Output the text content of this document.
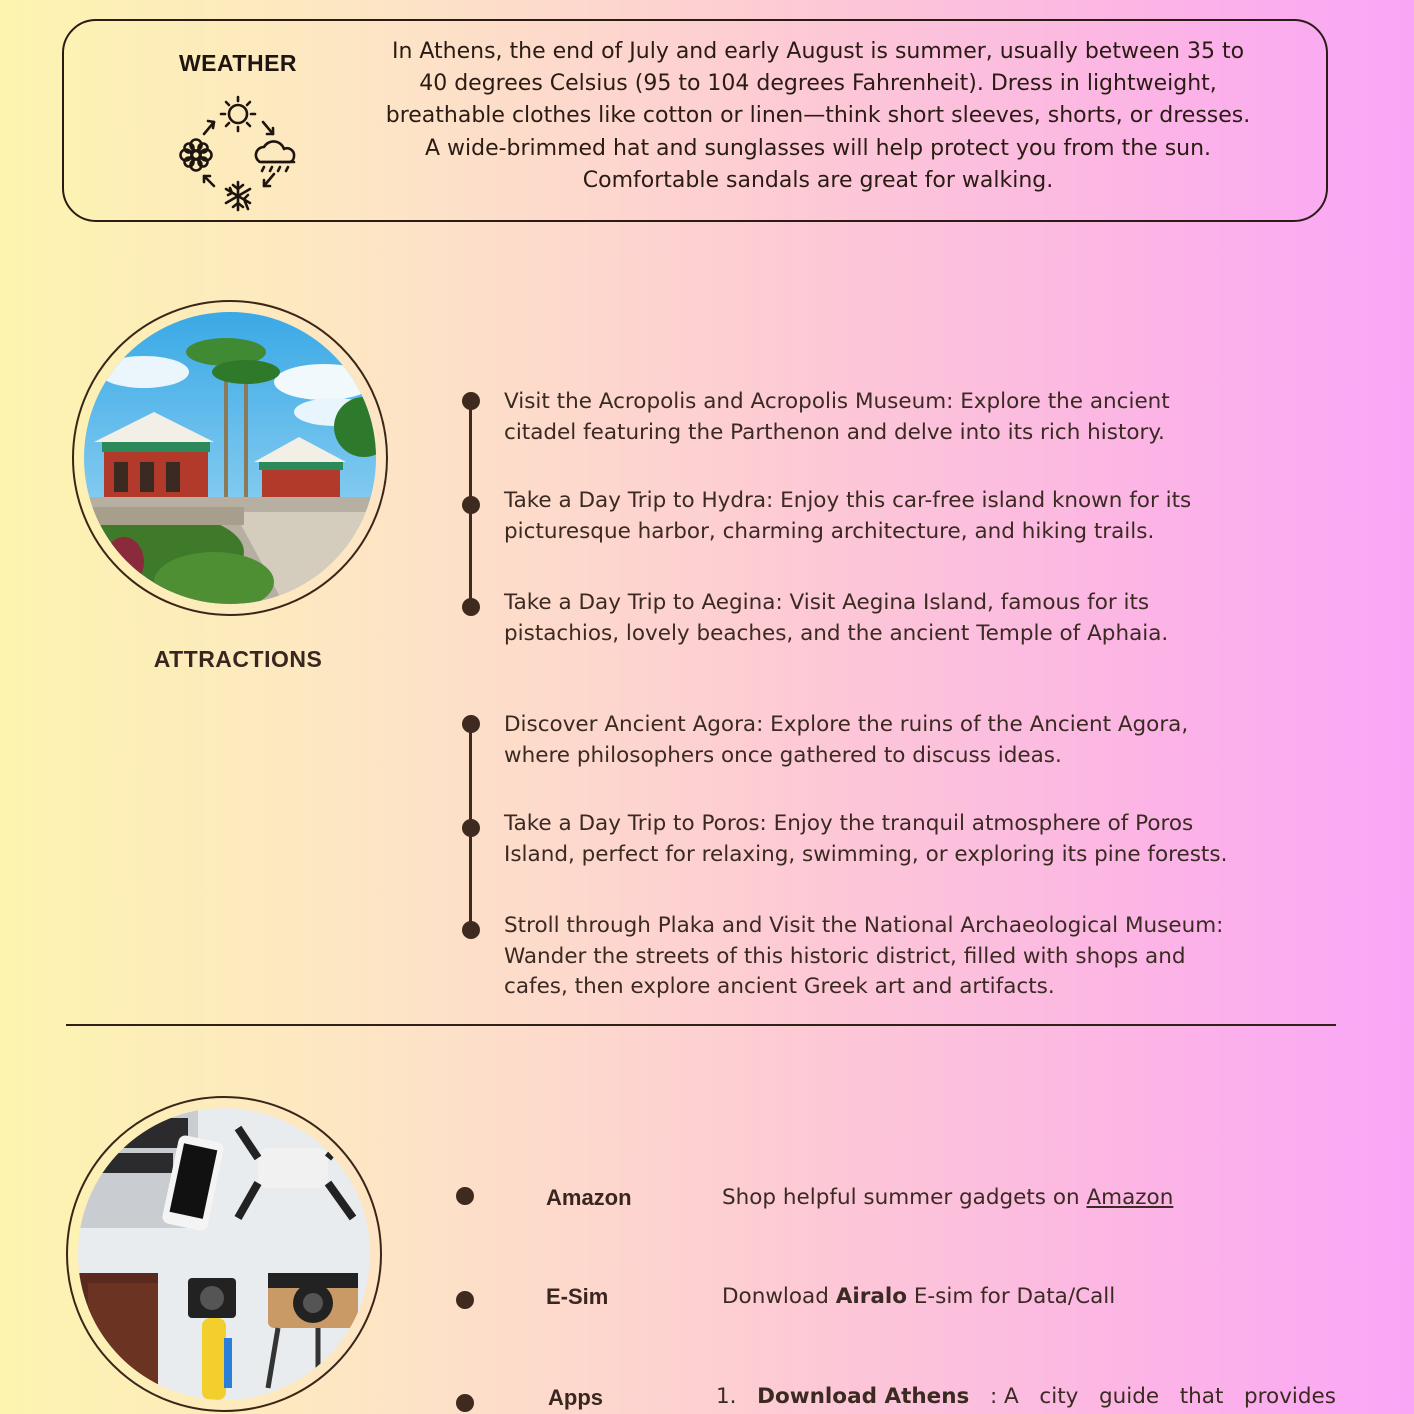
WEATHER	In Athens, the end of July and early August is summer, usually between 35 to
40 degrees Celsius (95 to 104 degrees Fahrenheit). Dress in lightweight,
breathable clothes like cotton or linen—think short sleeves, shorts, or dresses.
A wide-brimmed hat and sunglasses will help protect you from the sun.
Comfortable sandals are great for walking.
ATTRACTIONS
Visit the Acropolis and Acropolis Museum: Explore the ancient
citadel featuring the Parthenon and delve into its rich history.
Take a Day Trip to Hydra: Enjoy this car-free island known for its
picturesque harbor, charming architecture, and hiking trails.
Take a Day Trip to Aegina: Visit Aegina Island, famous for its
pistachios, lovely beaches, and the ancient Temple of Aphaia.
Discover Ancient Agora: Explore the ruins of the Ancient Agora,
where philosophers once gathered to discuss ideas.
Take a Day Trip to Poros: Enjoy the tranquil atmosphere of Poros
Island, perfect for relaxing, swimming, or exploring its pine forests.
Stroll through Plaka and Visit the National Archaeological Museum:
Wander the streets of this historic district, filled with shops and
cafes, then explore ancient Greek art and artifacts.
Amazon	Shop helpful summer gadgets on Amazon
E-Sim	Donwload Airalo E-sim for Data/Call
Apps	1. Download Athens : A city guide that provides
